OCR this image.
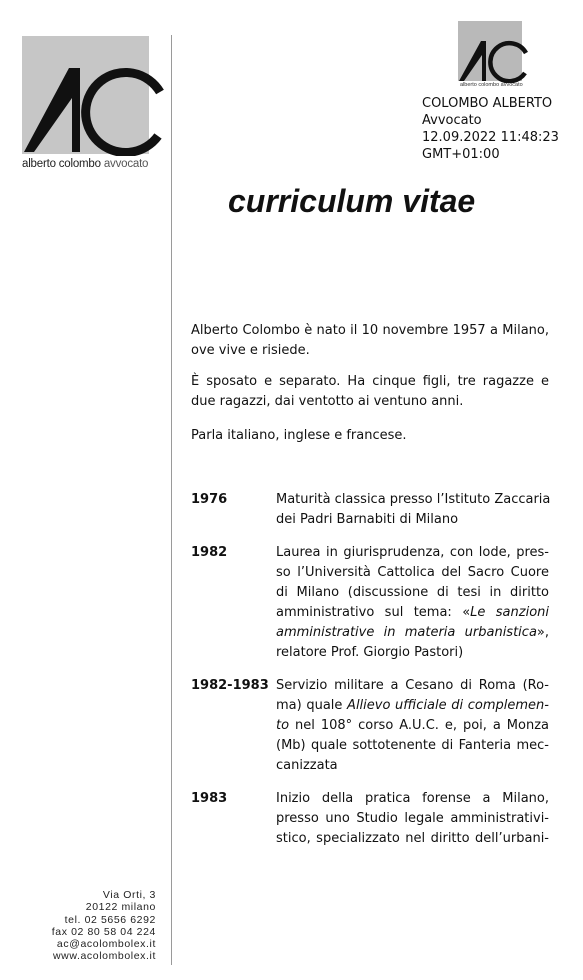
alberto colombo avvocato
alberto colombo avvocato
COLOMBO ALBERTO
Avvocato
12.09.2022 11:48:23
GMT+01:00
curriculum vitae
Alberto Colombo è nato il 10 novembre 1957 a Milano, ove vive e risiede.
È sposato e separato. Ha cinque figli, tre ragazze e due ragazzi, dai ventotto ai ventuno anni.
Parla italiano, inglese e francese.
1976	Maturità classica presso l’Istituto Zaccaria
dei Padri Barnabiti di Milano
1982	Laurea in giurisprudenza, con lode, pres-
so l’Università Cattolica del Sacro Cuore
di Milano (discussione di tesi in diritto
amministrativo sul tema: «Le sanzioni
amministrative in materia urbanistica»,
relatore Prof. Giorgio Pastori)
1982-1983 Servizio militare a Cesano di Roma (Ro-
ma) quale Allievo ufficiale di complemen-
to nel 108° corso A.U.C. e, poi, a Monza
(Mb) quale sottotenente di Fanteria mec-
canizzata
1983	Inizio della pratica forense a Milano,
presso uno Studio legale amministrativi-
stico, specializzato nel diritto dell’urbani-
Via Orti, 3
20122 milano
tel. 02 5656 6292
fax 02 80 58 04 224
ac@acolombolex.it
www.acolombolex.it
